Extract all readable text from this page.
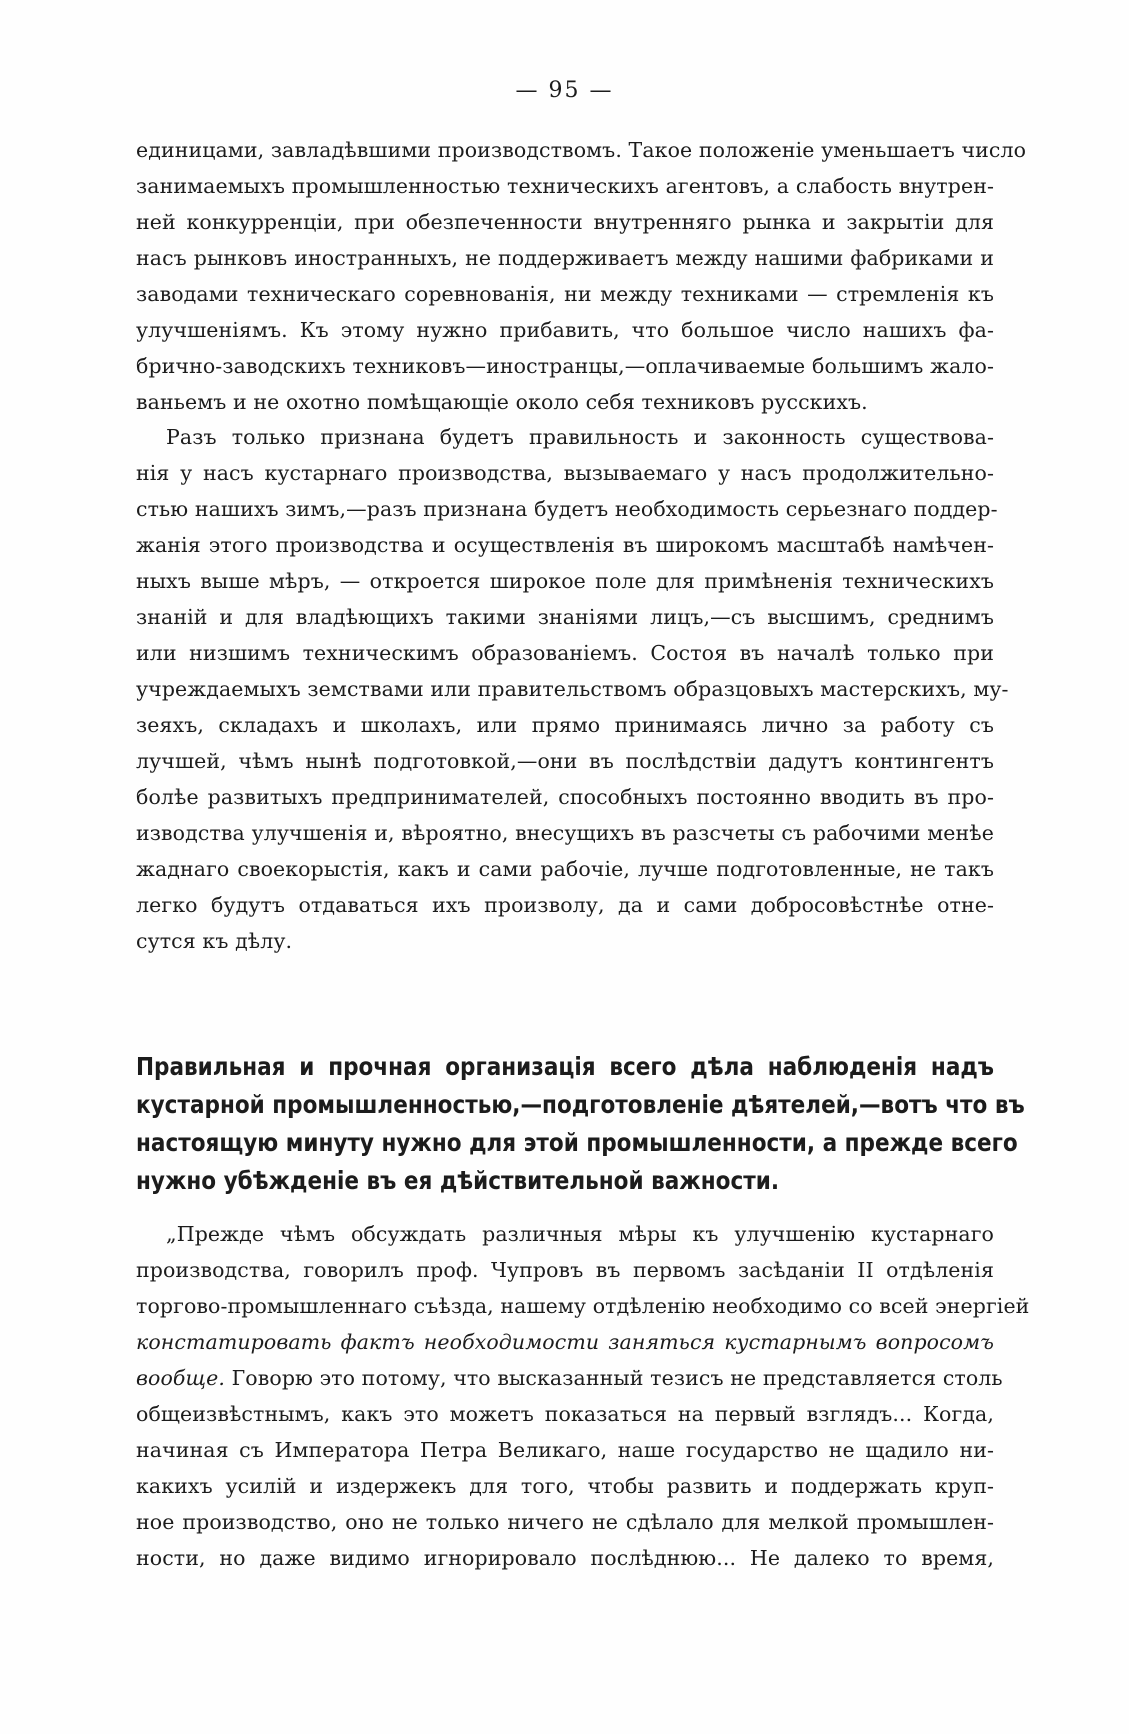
— 95 —
единицами, завладѣвшими производствомъ. Такое положеніе уменьшаетъ число
занимаемыхъ промышленностью техническихъ агентовъ, а слабость внутрен-
ней конкурренціи, при обезпеченности внутренняго рынка и закрытіи для
насъ рынковъ иностранныхъ, не поддерживаетъ между нашими фабриками и
заводами техническаго соревнованія, ни между техниками — стремленія къ
улучшеніямъ. Къ этому нужно прибавить, что большое число нашихъ фа-
брично-заводскихъ техниковъ—иностранцы,—оплачиваемые большимъ жало-
ваньемъ и не охотно помѣщающіе около себя техниковъ русскихъ.
Разъ только признана будетъ правильность и законность существова-
нія у насъ кустарнаго производства, вызываемаго у насъ продолжительно-
стью нашихъ зимъ,—разъ признана будетъ необходимость серьезнаго поддер-
жанія этого производства и осуществленія въ широкомъ масштабѣ намѣчен-
ныхъ выше мѣръ, — откроется широкое поле для примѣненія техническихъ
знаній и для владѣющихъ такими знаніями лицъ,—съ высшимъ, среднимъ
или низшимъ техническимъ образованіемъ. Состоя въ началѣ только при
учреждаемыхъ земствами или правительствомъ образцовыхъ мастерскихъ, му-
зеяхъ, складахъ и школахъ, или прямо принимаясь лично за работу съ
лучшей, чѣмъ нынѣ подготовкой,—они въ послѣдствіи дадутъ контингентъ
болѣе развитыхъ предпринимателей, способныхъ постоянно вводить въ про-
изводства улучшенія и, вѣроятно, внесущихъ въ разсчеты съ рабочими менѣе
жаднаго своекорыстія, какъ и сами рабочіе, лучше подготовленные, не такъ
легко будутъ отдаваться ихъ произволу, да и сами добросовѣстнѣе отне-
сутся къ дѣлу.
Правильная и прочная организація всего дѣла наблюденія надъ
кустарной промышленностью,—подготовленіе дѣятелей,—вотъ что въ
настоящую минуту нужно для этой промышленности, а прежде всего
нужно убѣжденіе въ ея дѣйствительной важности.
„Прежде чѣмъ обсуждать различныя мѣры къ улучшенію кустарнаго
производства, говорилъ проф. Чупровъ въ первомъ засѣданіи II отдѣленія
торгово-промышленнаго съѣзда, нашему отдѣленію необходимо со всей энергіей
констатировать фактъ необходимости заняться кустарнымъ вопросомъ
вообще. Говорю это потому, что высказанный тезисъ не представляется столь
общеизвѣстнымъ, какъ это можетъ показаться на первый взглядъ... Когда,
начиная съ Императора Петра Великаго, наше государство не щадило ни-
какихъ усилій и издержекъ для того, чтобы развить и поддержать круп-
ное производство, оно не только ничего не сдѣлало для мелкой промышлен-
ности, но даже видимо игнорировало послѣднюю... Не далеко то время,
